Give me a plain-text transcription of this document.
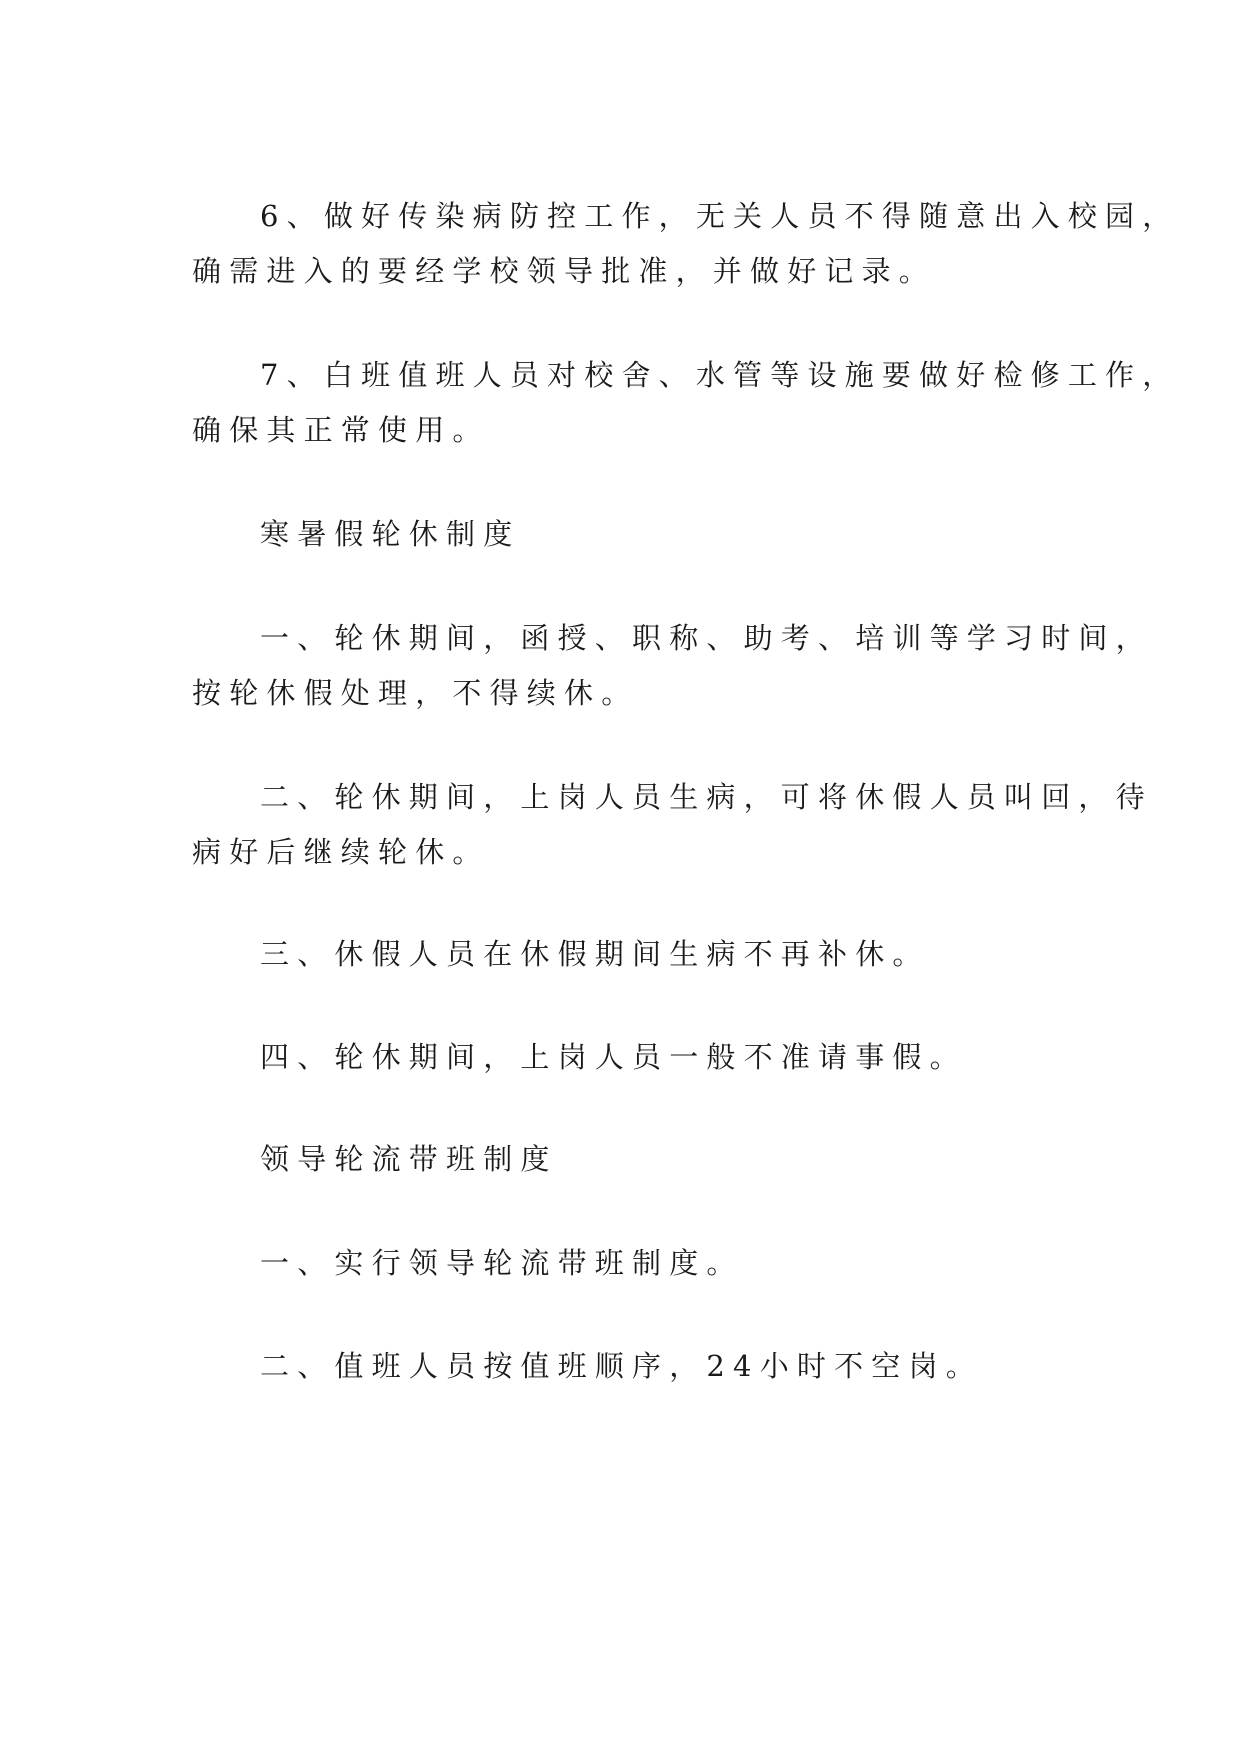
6、做好传染病防控工作，无关人员不得随意出入校园，
确需进入的要经学校领导批准，并做好记录。
7、白班值班人员对校舍、水管等设施要做好检修工作，
确保其正常使用。
寒暑假轮休制度
一、轮休期间，函授、职称、助考、培训等学习时间，
按轮休假处理，不得续休。
二、轮休期间，上岗人员生病，可将休假人员叫回，待
病好后继续轮休。
三、休假人员在休假期间生病不再补休。
四、轮休期间，上岗人员一般不准请事假。
领导轮流带班制度
一、实行领导轮流带班制度。
二、值班人员按值班顺序，24小时不空岗。
